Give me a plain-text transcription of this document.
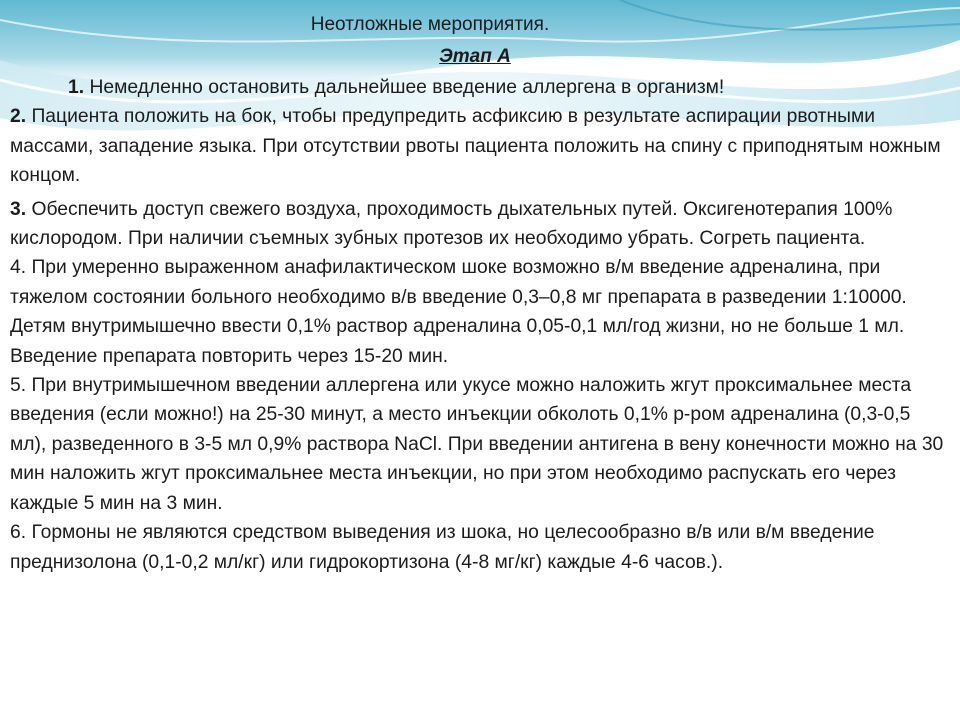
Неотложные мероприятия.
Этап А

1. Немедленно остановить дальнейшее введение аллергена в организм!

2. Пациента положить на бок, чтобы предупредить асфиксию в результате аспирации рвотными массами, западение языка. При отсутствии рвоты пациента положить на спину с приподнятым ножным концом.

3. Обеспечить доступ свежего воздуха, проходимость дыхательных путей. Оксигенотерапия 100% кислородом. При наличии съемных зубных протезов их необходимо убрать. Согреть пациента.

4. При умеренно выраженном анафилактическом шоке возможно в/м введение адреналина, при тяжелом состоянии больного необходимо в/в введение 0,3–0,8 мг препарата в разведении 1:10000. Детям внутримышечно ввести 0,1% раствор адреналина 0,05-0,1 мл/год жизни, но не больше 1 мл. Введение препарата повторить через 15-20 мин.

5. При внутримышечном введении аллергена или укусе можно наложить жгут проксимальнее места введения (если можно!) на 25-30 минут, а место инъекции обколоть 0,1% р-ром адреналина (0,3-0,5 мл), разведенного в 3-5 мл 0,9% раствора NaCl. При введении антигена в вену конечности можно на 30 мин наложить жгут проксимальнее места инъекции, но при этом необходимо распускать его через каждые 5 мин на 3 мин.

6. Гормоны не являются средством выведения из шока, но целесообразно в/в или в/м введение преднизолона (0,1-0,2 мл/кг) или гидрокортизона (4-8 мг/кг) каждые 4-6 часов.).
